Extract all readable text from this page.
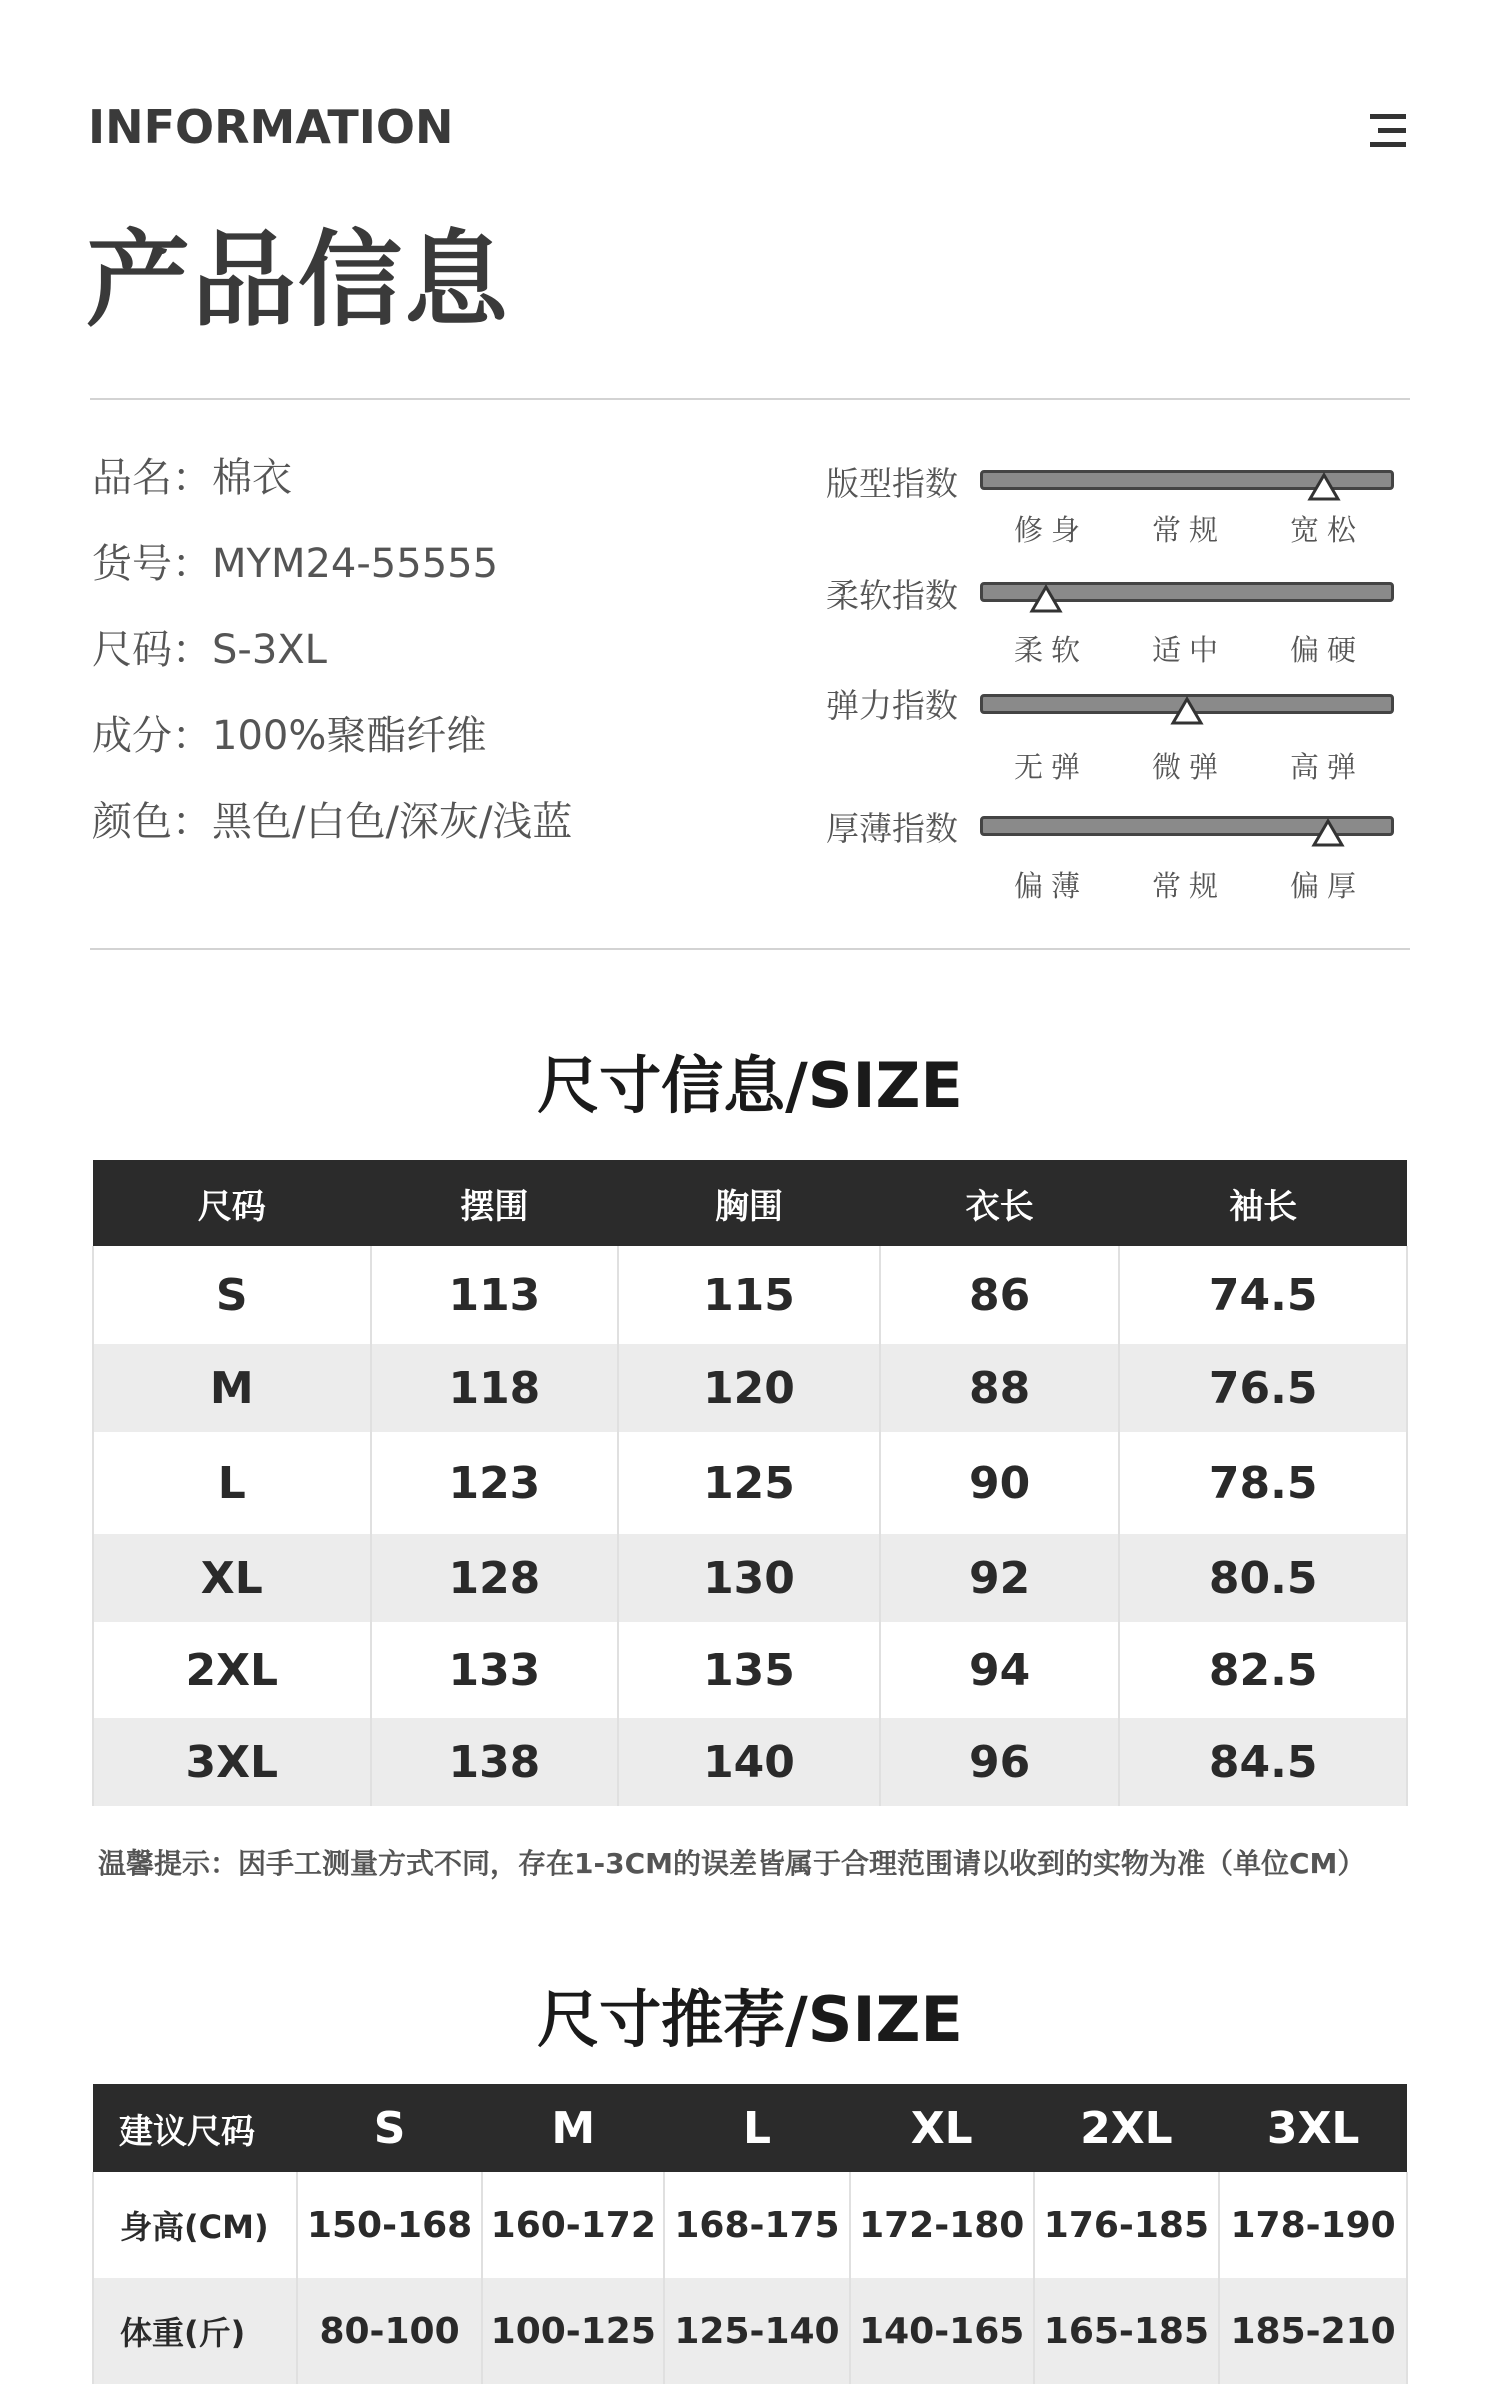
INFORMATION
产品信息
品名：棉衣
货号：MYM24-55555
尺码：S-3XL
成分：100%聚酯纤维
颜色：黑色/白色/深灰/浅蓝
版型指数
修身 常规 宽松
柔软指数
柔软 适中 偏硬
弹力指数
无弹 微弹 高弹
厚薄指数
偏薄 常规 偏厚
尺寸信息/SIZE
尺码	摆围	胸围	衣长	袖长
S	113	115	86	74.5
M	118	120	88	76.5
L	123	125	90	78.5
XL	128	130	92	80.5
2XL	133	135	94	82.5
3XL	138	140	96	84.5
温馨提示：因手工测量方式不同，存在1-3CM的误差皆属于合理范围请以收到的实物为准（单位CM）
尺寸推荐/SIZE
建议尺码	S	M	L	XL	2XL	3XL
身高(CM)	150-168	160-172	168-175	172-180	176-185	178-190
体重(斤)	80-100	100-125	125-140	140-165	165-185	185-210
